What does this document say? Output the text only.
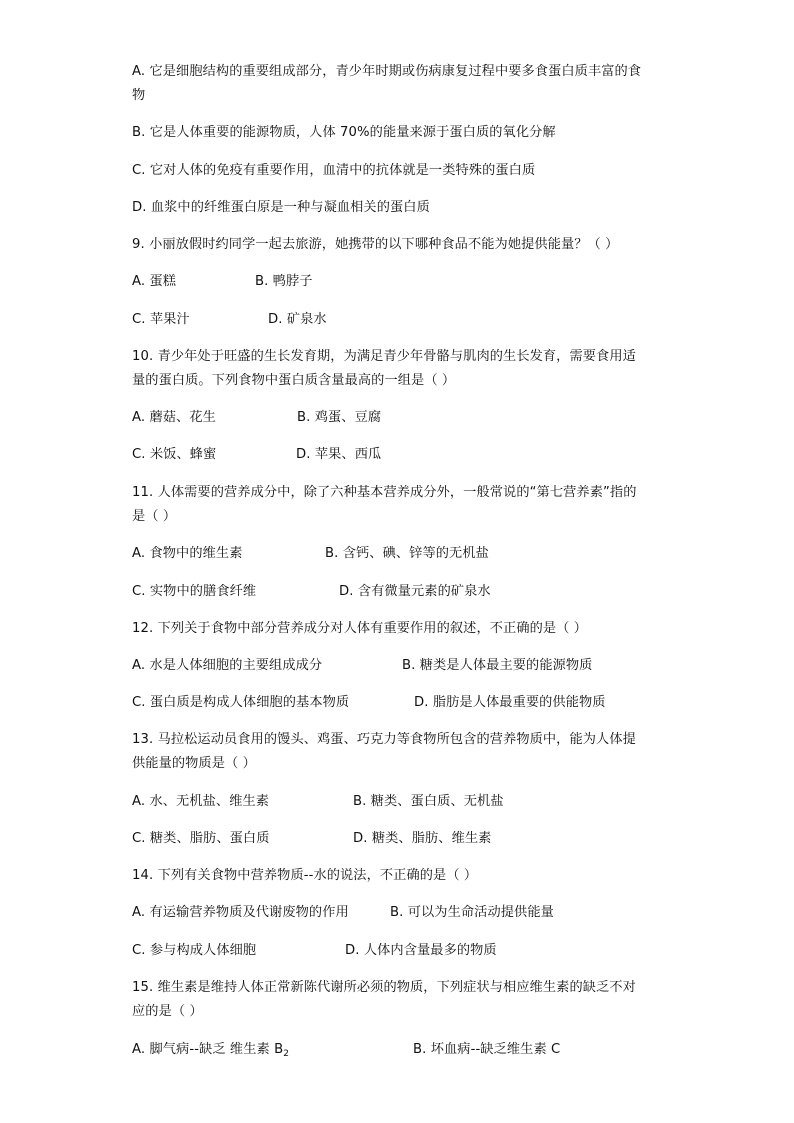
A. 它是细胞结构的重要组成部分，青少年时期或伤病康复过程中要多食蛋白质丰富的食
物
B. 它是人体重要的能源物质，人体 70%的能量来源于蛋白质的氧化分解
C. 它对人体的免疫有重要作用，血清中的抗体就是一类特殊的蛋白质
D. 血浆中的纤维蛋白原是一种与凝血相关的蛋白质
9. 小丽放假时约同学一起去旅游，她携带的以下哪种食品不能为她提供能量？（ ）
A. 蛋糕	B. 鸭脖子
C. 苹果汁	D. 矿泉水
10. 青少年处于旺盛的生长发育期，为满足青少年骨骼与肌肉的生长发育，需要食用适
量的蛋白质。下列食物中蛋白质含量最高的一组是（ ）
A. 蘑菇、花生	B. 鸡蛋、豆腐
C. 米饭、蜂蜜	D. 苹果、西瓜
11. 人体需要的营养成分中，除了六种基本营养成分外，一般常说的“第七营养素”指的
是（ ）
A. 食物中的维生素	B. 含钙、碘、锌等的无机盐
C. 实物中的膳食纤维	D. 含有微量元素的矿泉水
12. 下列关于食物中部分营养成分对人体有重要作用的叙述，不正确的是（ ）
A. 水是人体细胞的主要组成成分	B. 糖类是人体最主要的能源物质
C. 蛋白质是构成人体细胞的基本物质	D. 脂肪是人体最重要的供能物质
13. 马拉松运动员食用的馒头、鸡蛋、巧克力等食物所包含的营养物质中，能为人体提
供能量的物质是（ ）
A. 水、无机盐、维生素	B. 糖类、蛋白质、无机盐
C. 糖类、脂肪、蛋白质	D. 糖类、脂肪、维生素
14. 下列有关食物中营养物质--水的说法，不正确的是（ ）
A. 有运输营养物质及代谢废物的作用	B. 可以为生命活动提供能量
C. 参与构成人体细胞	D. 人体内含量最多的物质
15. 维生素是维持人体正常新陈代谢所必须的物质，下列症状与相应维生素的缺乏不对
应的是（ ）
A. 脚气病--缺乏 维生素 $B_2$	B. 坏血病--缺乏维生素 C
